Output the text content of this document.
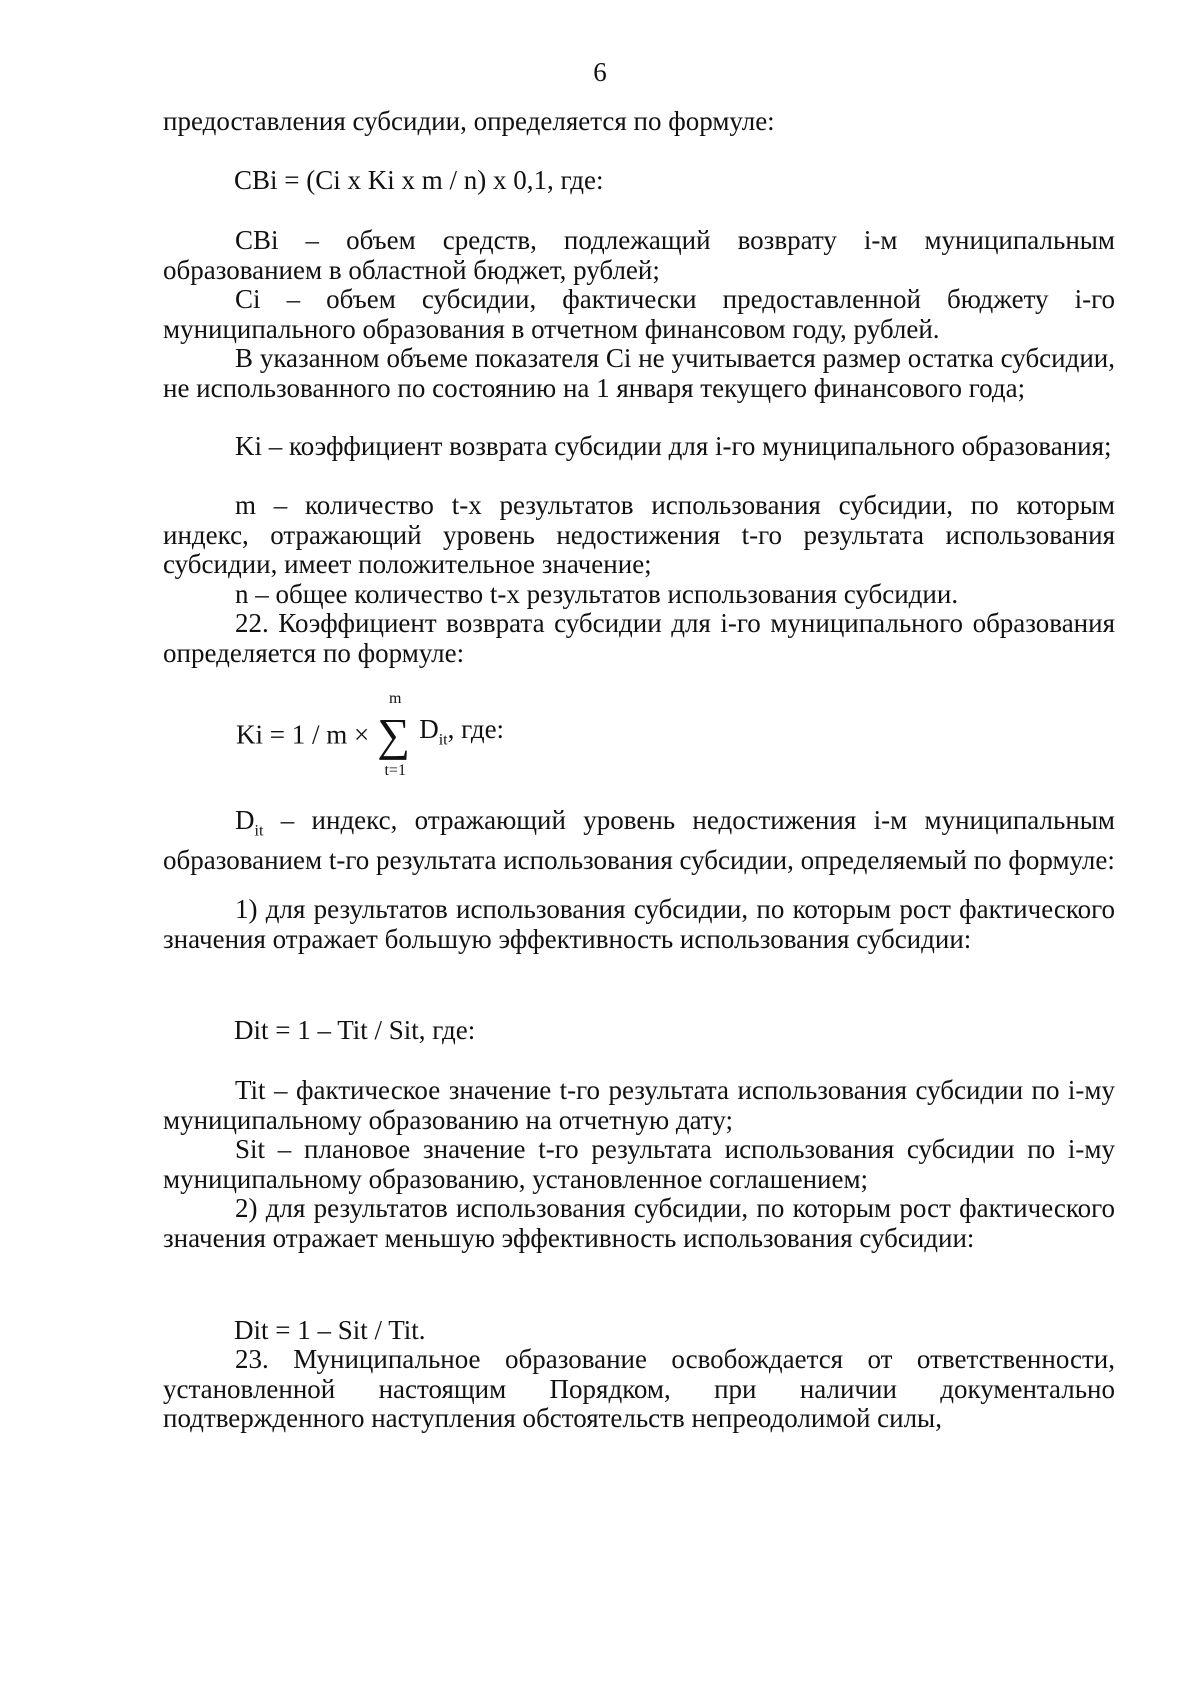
6
предоставления субсидии, определяется по формуле:
CBi = (Ci x Ki x m / n) x 0,1, где:
CBi – объем средств, подлежащий возврату i-м муниципальным образованием в областной бюджет, рублей;
Ci – объем субсидии, фактически предоставленной бюджету i-го муниципального образования в отчетном финансовом году, рублей.
В указанном объеме показателя Ci не учитывается размер остатка субсидии, не использованного по состоянию на 1 января текущего финансового года;
Ki – коэффициент возврата субсидии для i-го муниципального образования;
m – количество t-х результатов использования субсидии, по которым индекс, отражающий уровень недостижения t-го результата использования субсидии, имеет положительное значение;
n – общее количество t-х результатов использования субсидии.
22. Коэффициент возврата субсидии для i-го муниципального образования определяется по формуле:
Ki = 1 / m ×
m
∑
t=1
$D_{it}$, где:
$D_{it}$ – индекс, отражающий уровень недостижения i-м муниципальным образованием t-го результата использования субсидии, определяемый по формуле:
1) для результатов использования субсидии, по которым рост фактического значения отражает большую эффективность использования субсидии:
Dit = 1 – Tit / Sit, где:
Tit – фактическое значение t-го результата использования субсидии по i-му муниципальному образованию на отчетную дату;
Sit – плановое значение t-го результата использования субсидии по i-му муниципальному образованию, установленное соглашением;
2) для результатов использования субсидии, по которым рост фактического значения отражает меньшую эффективность использования субсидии:
Dit = 1 – Sit / Tit.
23. Муниципальное образование освобождается от ответственности, установленной настоящим Порядком, при наличии документально подтвержденного наступления обстоятельств непреодолимой силы,
